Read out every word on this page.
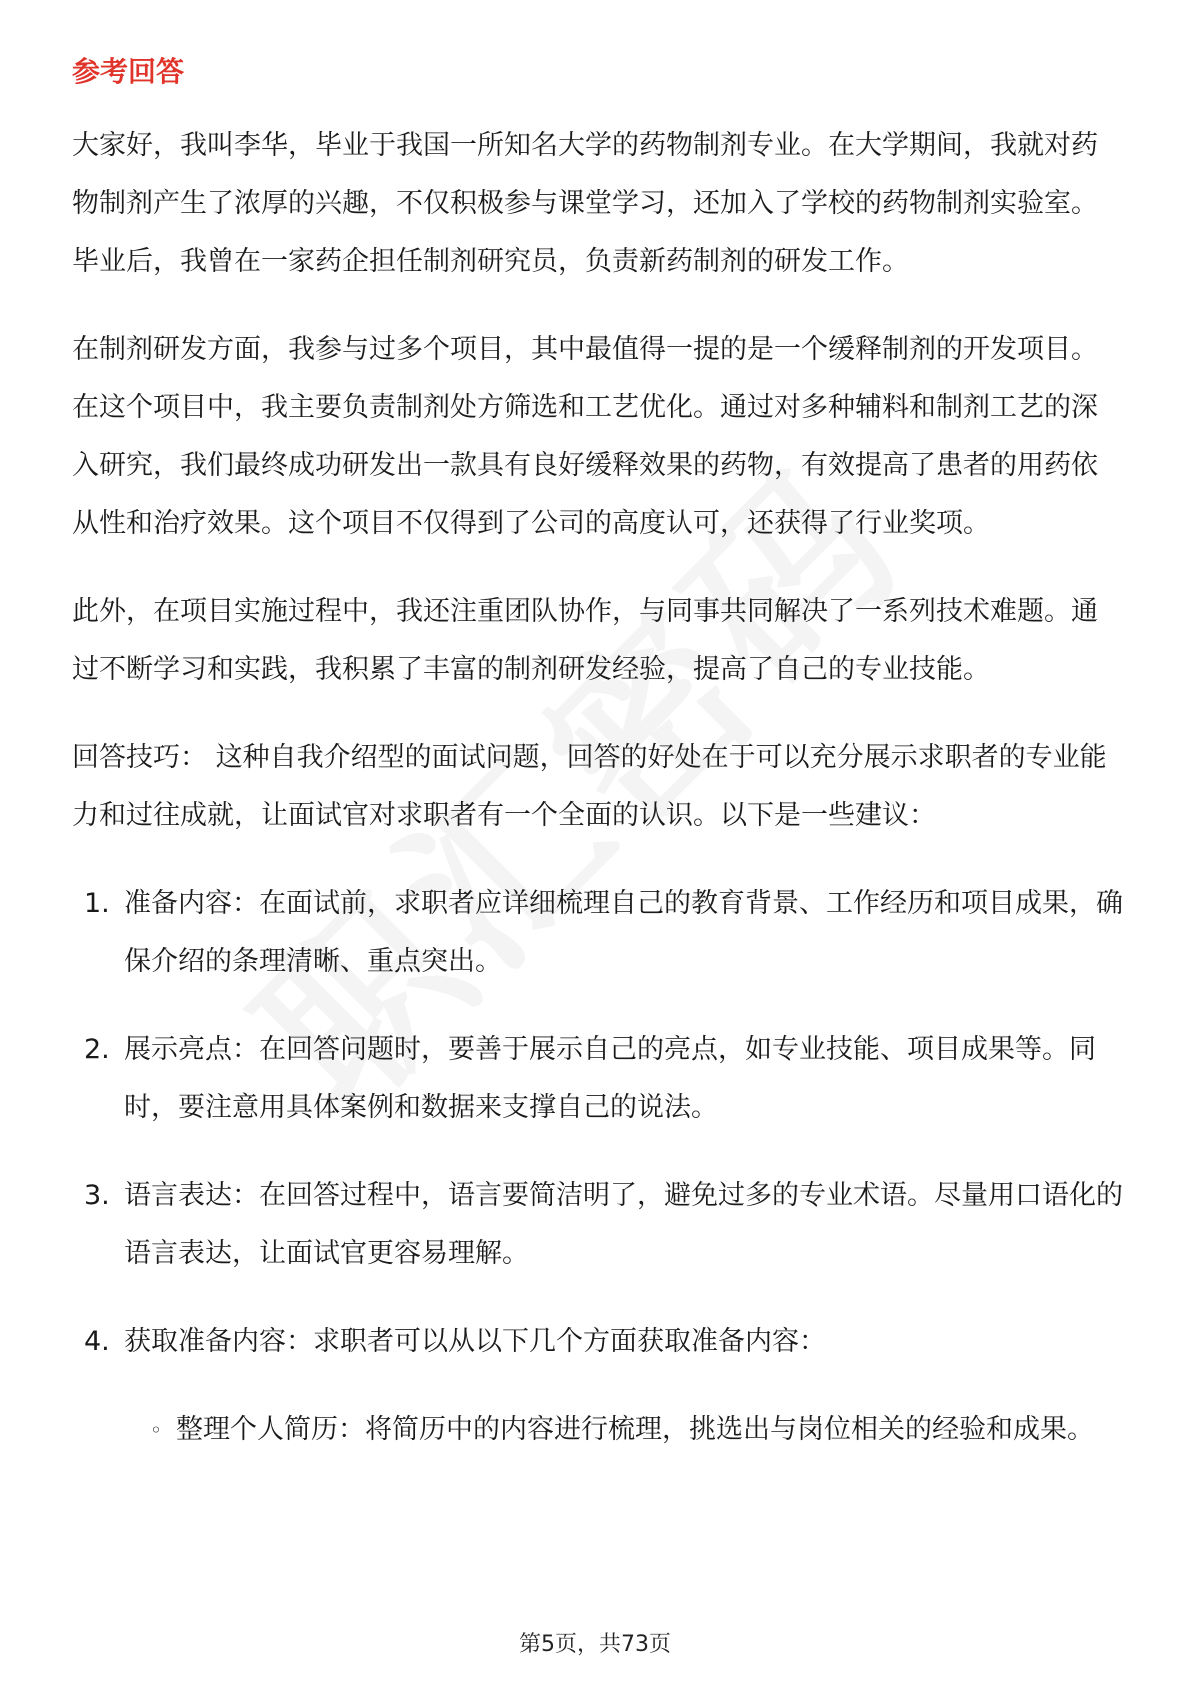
参考回答

大家好，我叫李华，毕业于我国一所知名大学的药物制剂专业。在大学期间，我就对药物制剂产生了浓厚的兴趣，不仅积极参与课堂学习，还加入了学校的药物制剂实验室。毕业后，我曾在一家药企担任制剂研究员，负责新药制剂的研发工作。

在制剂研发方面，我参与过多个项目，其中最值得一提的是一个缓释制剂的开发项目。在这个项目中，我主要负责制剂处方筛选和工艺优化。通过对多种辅料和制剂工艺的深入研究，我们最终成功研发出一款具有良好缓释效果的药物，有效提高了患者的用药依从性和治疗效果。这个项目不仅得到了公司的高度认可，还获得了行业奖项。

此外，在项目实施过程中，我还注重团队协作，与同事共同解决了一系列技术难题。通过不断学习和实践，我积累了丰富的制剂研发经验，提高了自己的专业技能。

回答技巧： 这种自我介绍型的面试问题，回答的好处在于可以充分展示求职者的专业能力和过往成就，让面试官对求职者有一个全面的认识。以下是一些建议：

1. 准备内容：在面试前，求职者应详细梳理自己的教育背景、工作经历和项目成果，确保介绍的条理清晰、重点突出。
2. 展示亮点：在回答问题时，要善于展示自己的亮点，如专业技能、项目成果等。同时，要注意用具体案例和数据来支撑自己的说法。
3. 语言表达：在回答过程中，语言要简洁明了，避免过多的专业术语。尽量用口语化的语言表达，让面试官更容易理解。
4. 获取准备内容：求职者可以从以下几个方面获取准备内容：
◦ 整理个人简历：将简历中的内容进行梳理，挑选出与岗位相关的经验和成果。
第5页，共73页
